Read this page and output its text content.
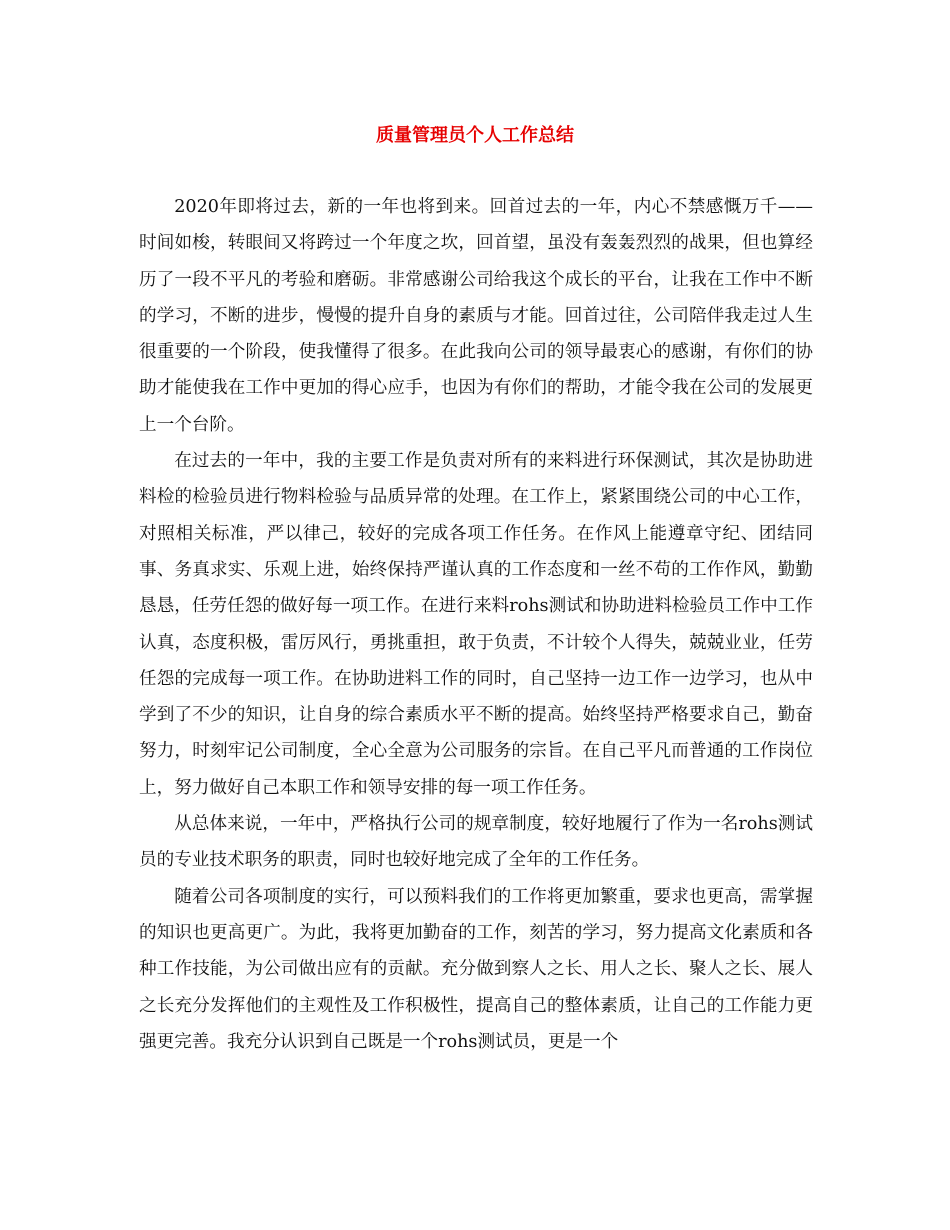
质量管理员个人工作总结

2020年即将过去，新的一年也将到来。回首过去的一年，内心不禁感慨万千——时间如梭，转眼间又将跨过一个年度之坎，回首望，虽没有轰轰烈烈的战果，但也算经历了一段不平凡的考验和磨砺。非常感谢公司给我这个成长的平台，让我在工作中不断的学习，不断的进步，慢慢的提升自身的素质与才能。回首过往，公司陪伴我走过人生很重要的一个阶段，使我懂得了很多。在此我向公司的领导最衷心的感谢，有你们的协助才能使我在工作中更加的得心应手，也因为有你们的帮助，才能令我在公司的发展更上一个台阶。

在过去的一年中，我的主要工作是负责对所有的来料进行环保测试，其次是协助进料检的检验员进行物料检验与品质异常的处理。在工作上，紧紧围绕公司的中心工作，对照相关标准，严以律己，较好的完成各项工作任务。在作风上能遵章守纪、团结同事、务真求实、乐观上进，始终保持严谨认真的工作态度和一丝不苟的工作作风，勤勤恳恳，任劳任怨的做好每一项工作。在进行来料rohs测试和协助进料检验员工作中工作认真，态度积极，雷厉风行，勇挑重担，敢于负责，不计较个人得失，兢兢业业，任劳任怨的完成每一项工作。在协助进料工作的同时，自己坚持一边工作一边学习，也从中学到了不少的知识，让自身的综合素质水平不断的提高。始终坚持严格要求自己，勤奋努力，时刻牢记公司制度，全心全意为公司服务的宗旨。在自己平凡而普通的工作岗位上，努力做好自己本职工作和领导安排的每一项工作任务。

从总体来说，一年中，严格执行公司的规章制度，较好地履行了作为一名rohs测试员的专业技术职务的职责，同时也较好地完成了全年的工作任务。

随着公司各项制度的实行，可以预料我们的工作将更加繁重，要求也更高，需掌握的知识也更高更广。为此，我将更加勤奋的工作，刻苦的学习，努力提高文化素质和各种工作技能，为公司做出应有的贡献。充分做到察人之长、用人之长、聚人之长、展人之长充分发挥他们的主观性及工作积极性，提高自己的整体素质，让自己的工作能力更强更完善。我充分认识到自己既是一个rohs测试员，更是一个
